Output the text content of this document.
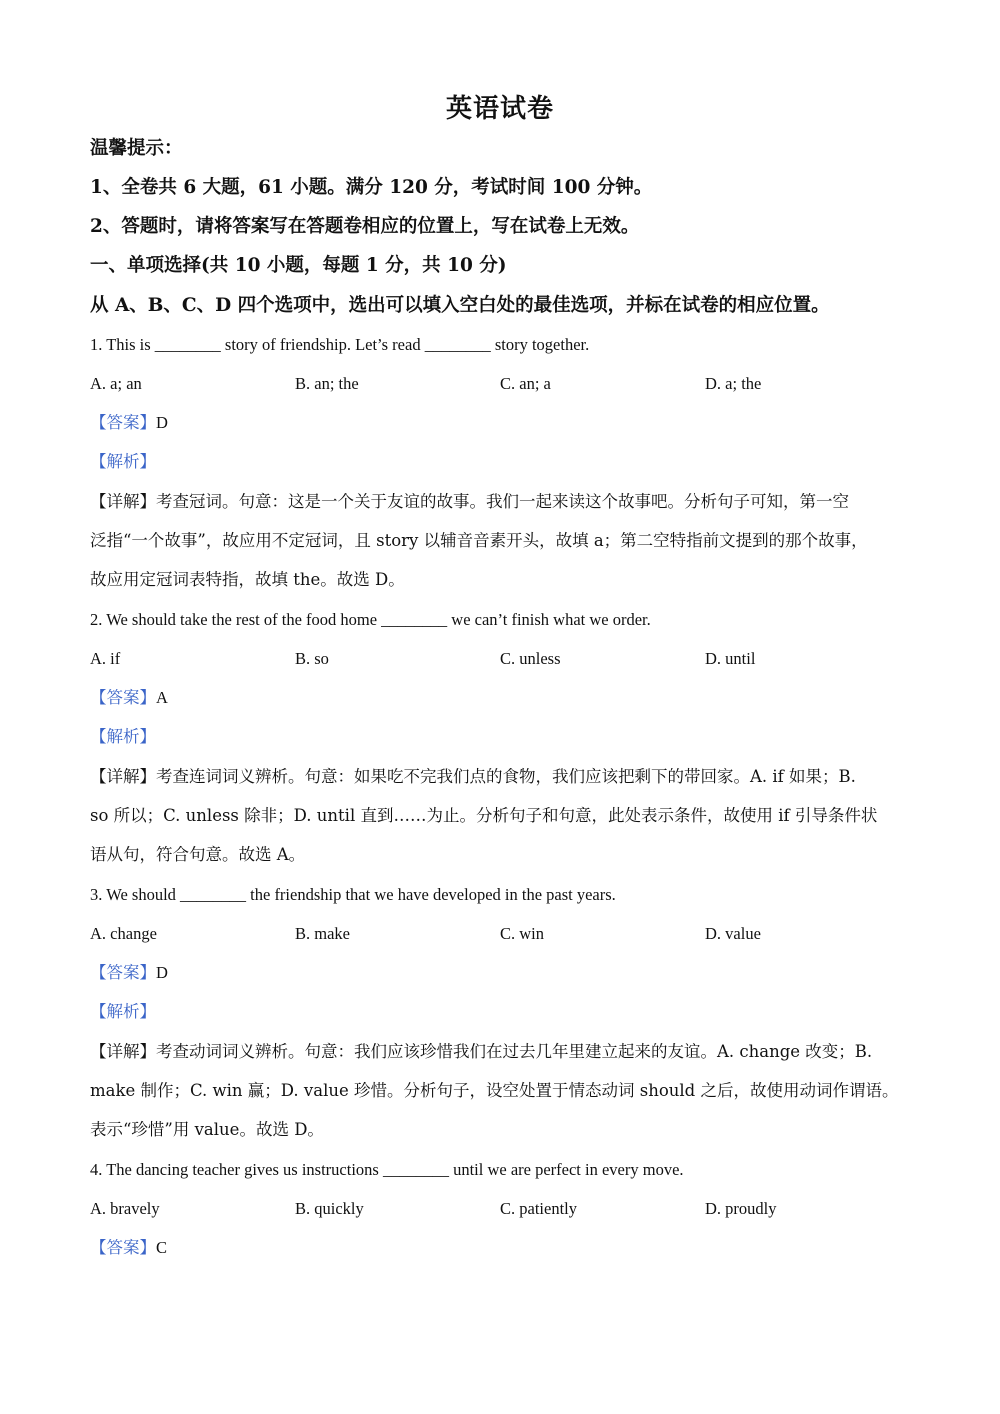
英语试卷
温馨提示：
1、全卷共 6 大题，61 小题。满分 120 分，考试时间 100 分钟。
2、答题时，请将答案写在答题卷相应的位置上，写在试卷上无效。
一、单项选择(共 10 小题，每题 1 分，共 10 分)
从 A、B、C、D 四个选项中，选出可以填入空白处的最佳选项，并标在试卷的相应位置。
1. This is ________ story of friendship. Let’s read ________ story together.
A. a; an	B. an; the	C. an; a	D. a; the
【答案】D
【解析】
【详解】考查冠词。句意：这是一个关于友谊的故事。我们一起来读这个故事吧。分析句子可知，第一空
泛指“一个故事”，故应用不定冠词，且 story 以辅音音素开头，故填 a；第二空特指前文提到的那个故事，
故应用定冠词表特指，故填 the。故选 D。
2. We should take the rest of the food home ________ we can’t finish what we order.
A. if	B. so	C. unless	D. until
【答案】A
【解析】
【详解】考查连词词义辨析。句意：如果吃不完我们点的食物，我们应该把剩下的带回家。A. if 如果；B.
so 所以；C. unless 除非；D. until 直到……为止。分析句子和句意，此处表示条件，故使用 if 引导条件状
语从句，符合句意。故选 A。
3. We should ________ the friendship that we have developed in the past years.
A. change	B. make	C. win	D. value
【答案】D
【解析】
【详解】考查动词词义辨析。句意：我们应该珍惜我们在过去几年里建立起来的友谊。A. change 改变；B.
make 制作；C. win 赢；D. value 珍惜。分析句子，设空处置于情态动词 should 之后，故使用动词作谓语。
表示“珍惜”用 value。故选 D。
4. The dancing teacher gives us instructions ________ until we are perfect in every move.
A. bravely	B. quickly	C. patiently	D. proudly
【答案】C
